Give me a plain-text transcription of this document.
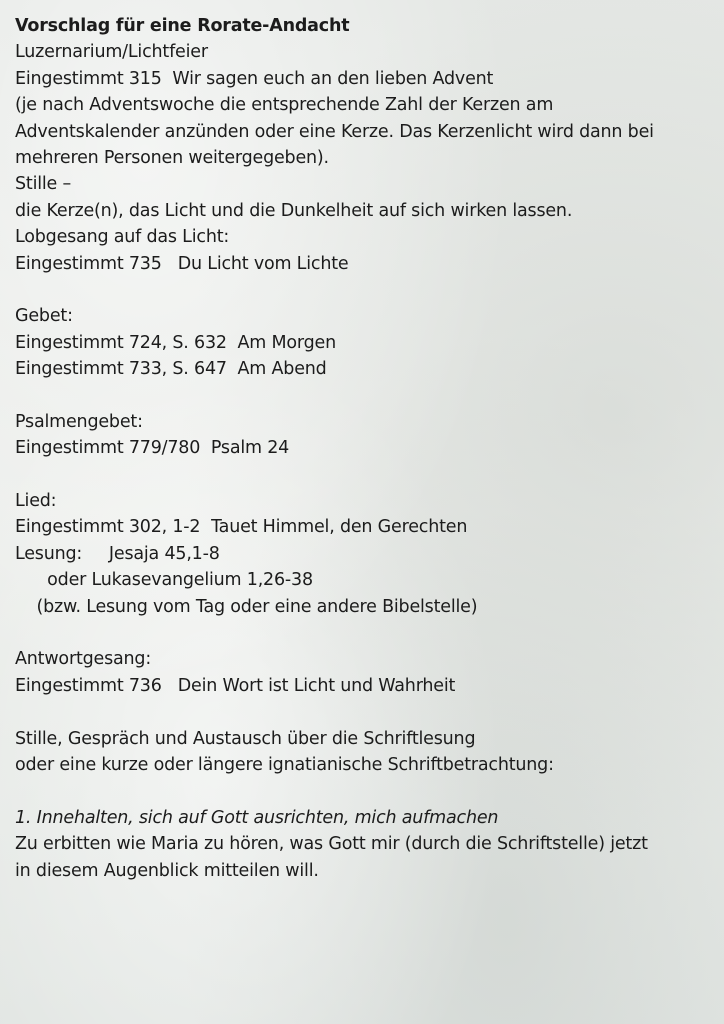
Vorschlag für eine Rorate-Andacht
Luzernarium/Lichtfeier
Eingestimmt 315  Wir sagen euch an den lieben Advent
(je nach Adventswoche die entsprechende Zahl der Kerzen am
Adventskalender anzünden oder eine Kerze. Das Kerzenlicht wird dann bei
mehreren Personen weitergegeben).
Stille –
die Kerze(n), das Licht und die Dunkelheit auf sich wirken lassen.
Lobgesang auf das Licht:
Eingestimmt 735   Du Licht vom Lichte
Gebet:
Eingestimmt 724, S. 632  Am Morgen
Eingestimmt 733, S. 647  Am Abend
Psalmengebet:
Eingestimmt 779/780  Psalm 24
Lied:
Eingestimmt 302, 1-2  Tauet Himmel, den Gerechten
Lesung:     Jesaja 45,1-8
oder Lukasevangelium 1,26-38
(bzw. Lesung vom Tag oder eine andere Bibelstelle)
Antwortgesang:
Eingestimmt 736   Dein Wort ist Licht und Wahrheit
Stille, Gespräch und Austausch über die Schriftlesung
oder eine kurze oder längere ignatianische Schriftbetrachtung:
1. Innehalten, sich auf Gott ausrichten, mich aufmachen
Zu erbitten wie Maria zu hören, was Gott mir (durch die Schriftstelle) jetzt
in diesem Augenblick mitteilen will.
